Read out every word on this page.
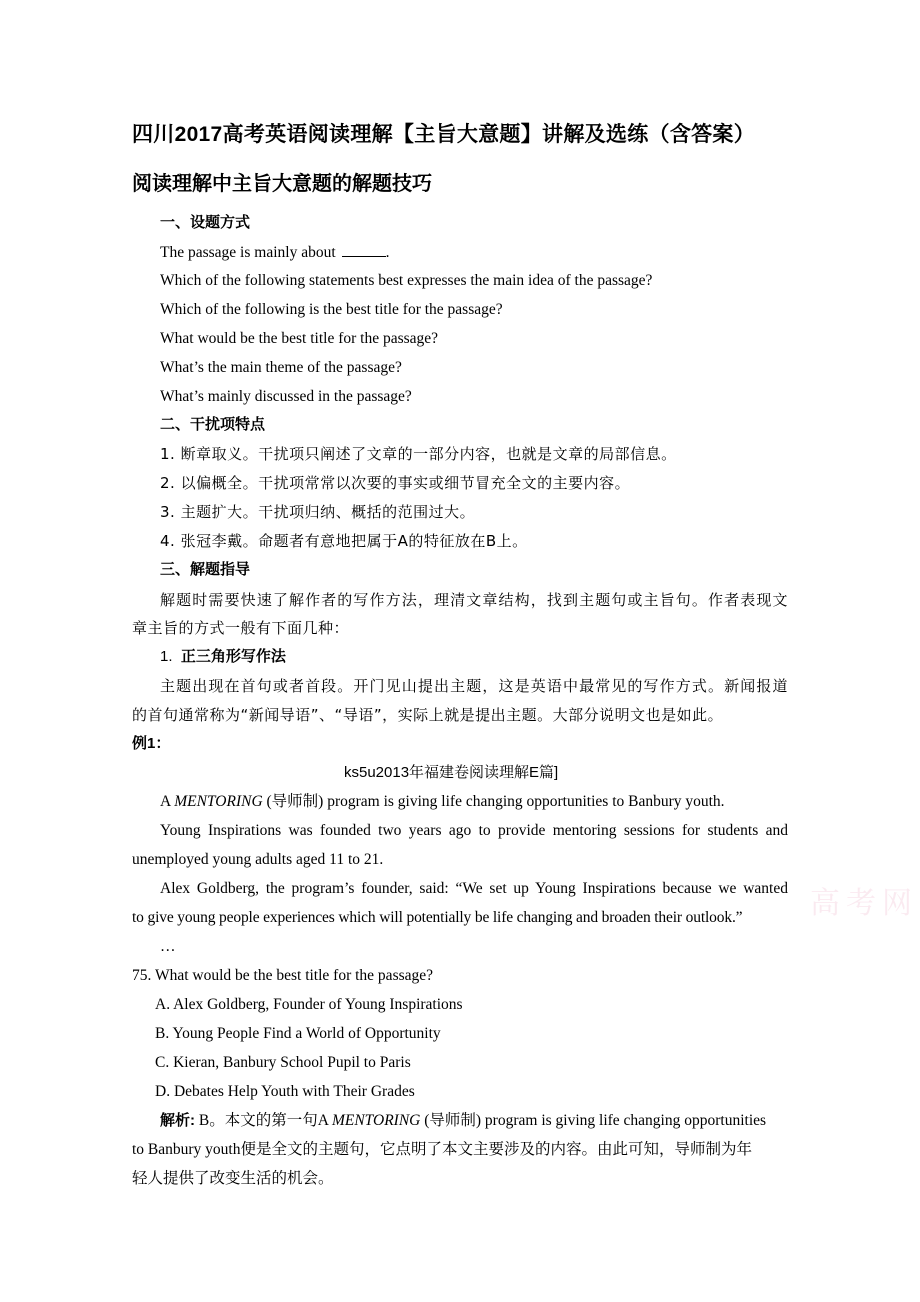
四川2017高考英语阅读理解【主旨大意题】讲解及选练（含答案）
阅读理解中主旨大意题的解题技巧
一、设题方式
The passage is mainly about	.
Which of the following statements best expresses the main idea of the passage?
Which of the following is the best title for the passage?
What would be the best title for the passage?
What’s the main theme of the passage?
What’s mainly discussed in the passage?
二、干扰项特点
1. 断章取义。干扰项只阐述了文章的一部分内容，也就是文章的局部信息。
2. 以偏概全。干扰项常常以次要的事实或细节冒充全文的主要内容。
3. 主题扩大。干扰项归纳、概括的范围过大。
4. 张冠李戴。命题者有意地把属于A的特征放在B上。
三、解题指导
解题时需要快速了解作者的写作方法，理清文章结构，找到主题句或主旨句。作者表现文
章主旨的方式一般有下面几种：
1. 正三角形写作法
主题出现在首句或者首段。开门见山提出主题，这是英语中最常见的写作方式。新闻报道
的首句通常称为“新闻导语”、“导语”，实际上就是提出主题。大部分说明文也是如此。
例1：
ks5u2013年福建卷阅读理解E篇]
A MENTORING (导师制) program is giving life changing opportunities to Banbury youth.
Young Inspirations was founded two years ago to provide mentoring sessions for students and
unemployed young adults aged 11 to 21.
Alex Goldberg, the program’s founder, said: “We set up Young Inspirations because we wanted
to give young people experiences which will potentially be life changing and broaden their outlook.”
…
75. What would be the best title for the passage?
A. Alex Goldberg, Founder of Young Inspirations
B. Young People Find a World of Opportunity
C. Kieran, Banbury School Pupil to Paris
D. Debates Help Youth with Their Grades
解析: B。本文的第一句A MENTORING (导师制) program is giving life changing opportunities
to Banbury youth便是全文的主题句，它点明了本文主要涉及的内容。由此可知，导师制为年
轻人提供了改变生活的机会。
高考网
